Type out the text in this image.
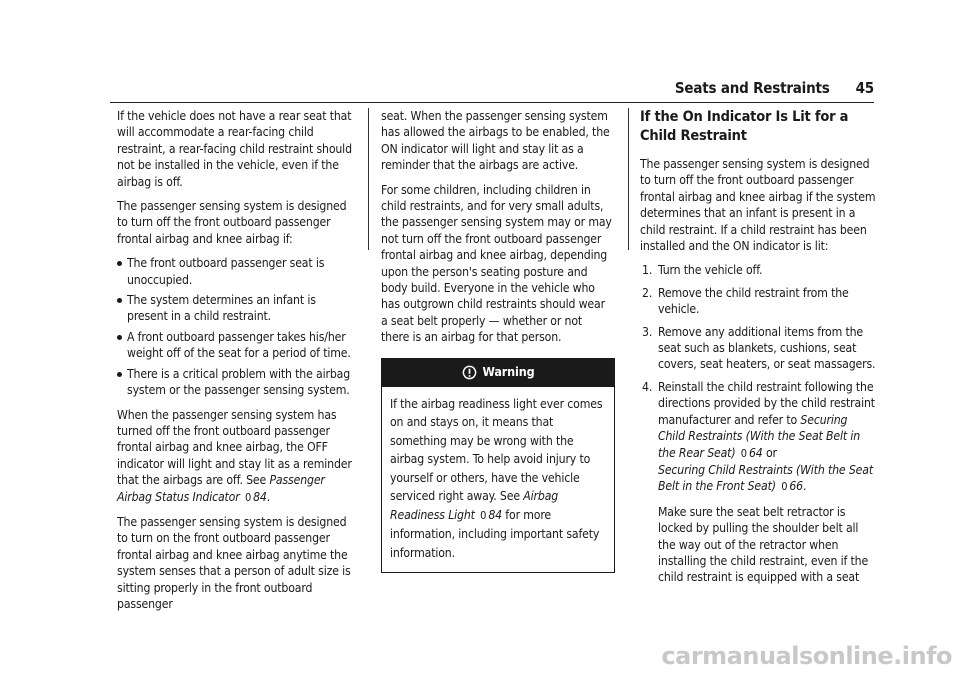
Seats and Restraints 45

If the vehicle does not have a rear seat that will accommodate a rear-facing child restraint, a rear-facing child restraint should not be installed in the vehicle, even if the airbag is off.

The passenger sensing system is designed to turn off the front outboard passenger frontal airbag and knee airbag if:

The front outboard passenger seat is unoccupied.
The system determines an infant is present in a child restraint.
A front outboard passenger takes his/her weight off of the seat for a period of time.
There is a critical problem with the airbag system or the passenger sensing system.

When the passenger sensing system has turned off the front outboard passenger frontal airbag and knee airbag, the OFF indicator will light and stay lit as a reminder that the airbags are off. See Passenger Airbag Status Indicator 0 84.

The passenger sensing system is designed to turn on the front outboard passenger frontal airbag and knee airbag anytime the system senses that a person of adult size is sitting properly in the front outboard passenger

seat. When the passenger sensing system has allowed the airbags to be enabled, the ON indicator will light and stay lit as a reminder that the airbags are active.

For some children, including children in child restraints, and for very small adults, the passenger sensing system may or may not turn off the front outboard passenger frontal airbag and knee airbag, depending upon the person's seating posture and body build. Everyone in the vehicle who has outgrown child restraints should wear a seat belt properly — whether or not there is an airbag for that person.

Warning

If the airbag readiness light ever comes on and stays on, it means that something may be wrong with the airbag system. To help avoid injury to yourself or others, have the vehicle serviced right away. See Airbag Readiness Light 0 84 for more information, including important safety information.

If the On Indicator Is Lit for a Child Restraint

The passenger sensing system is designed to turn off the front outboard passenger frontal airbag and knee airbag if the system determines that an infant is present in a child restraint. If a child restraint has been installed and the ON indicator is lit:

1. Turn the vehicle off.

2. Remove the child restraint from the vehicle.

3. Remove any additional items from the seat such as blankets, cushions, seat covers, seat heaters, or seat massagers.

4. Reinstall the child restraint following the directions provided by the child restraint manufacturer and refer to Securing Child Restraints (With the Seat Belt in the Rear Seat) 0 64 or
Securing Child Restraints (With the Seat Belt in the Front Seat) 0 66.

Make sure the seat belt retractor is locked by pulling the shoulder belt all the way out of the retractor when installing the child restraint, even if the child restraint is equipped with a seat

carmanualsonline.info
